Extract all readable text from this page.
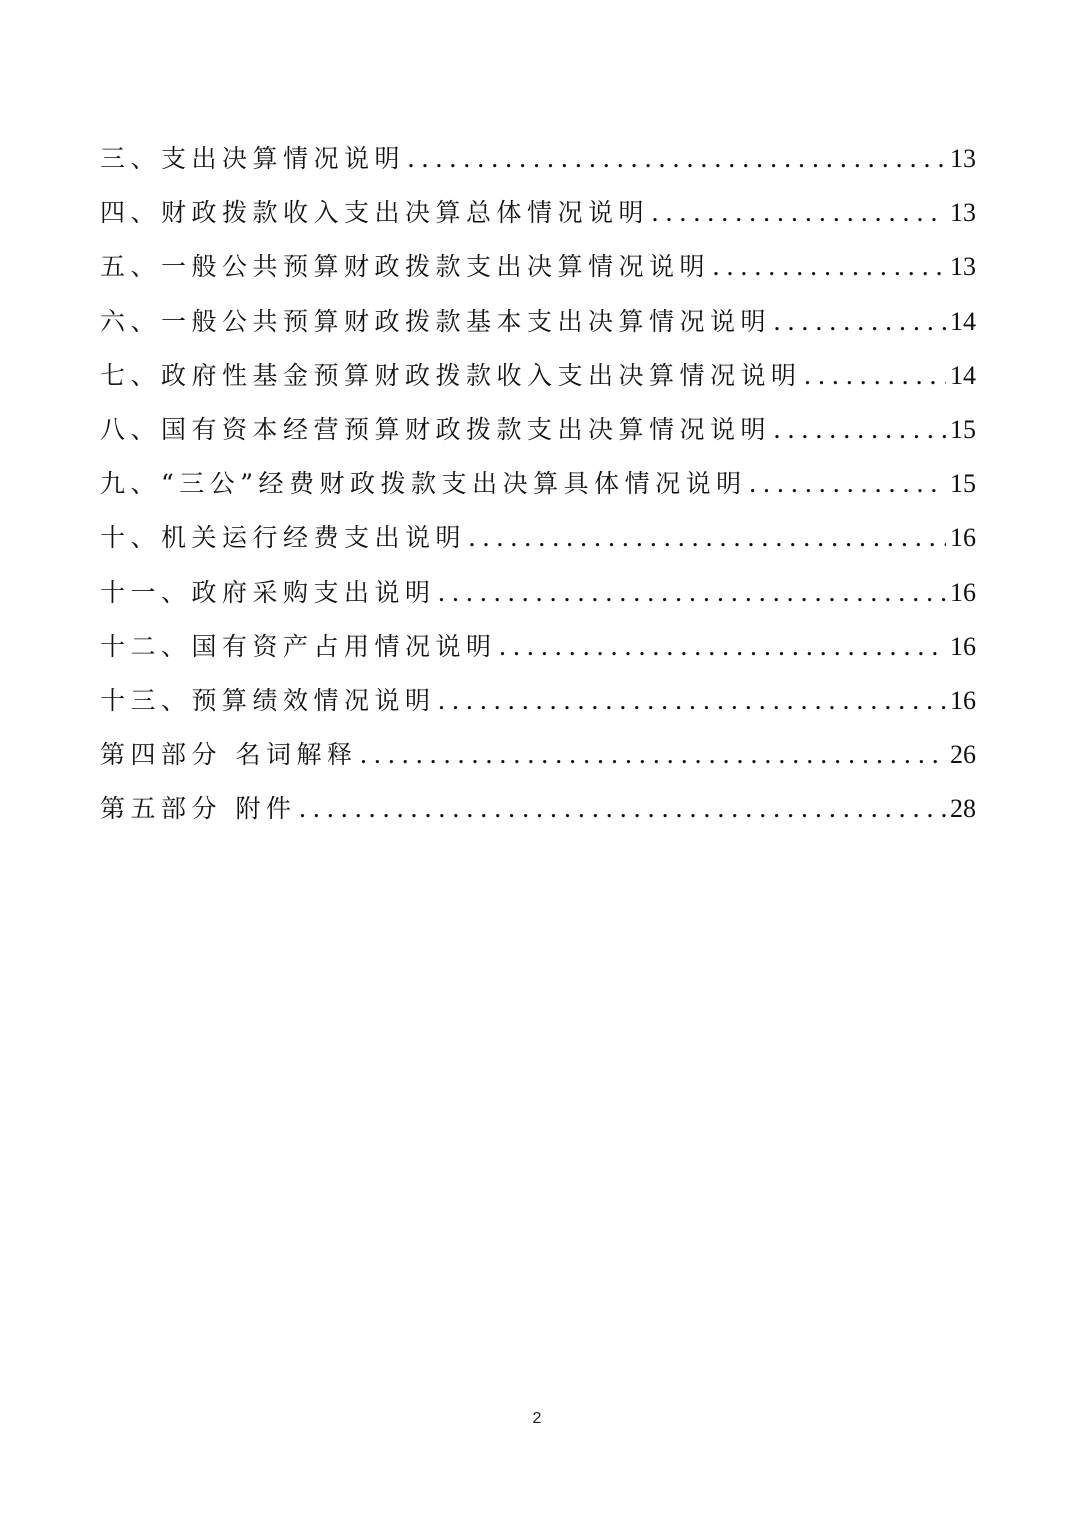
三、支出决算情况说明 .....	13
四、财政拨款收入支出决算总体情况说明 .....	13
五、一般公共预算财政拨款支出决算情况说明 .....	13
六、一般公共预算财政拨款基本支出决算情况说明 .....	14
七、政府性基金预算财政拨款收入支出决算情况说明 .....	14
八、国有资本经营预算财政拨款支出决算情况说明 .....	15
九、“三公”经费财政拨款支出决算具体情况说明 .....	15
十、机关运行经费支出说明 .....	16
十一、政府采购支出说明 .....	16
十二、国有资产占用情况说明 .....	16
十三、预算绩效情况说明 .....	16
第四部分 名词解释 .....	26
第五部分 附件 .....	28
2
